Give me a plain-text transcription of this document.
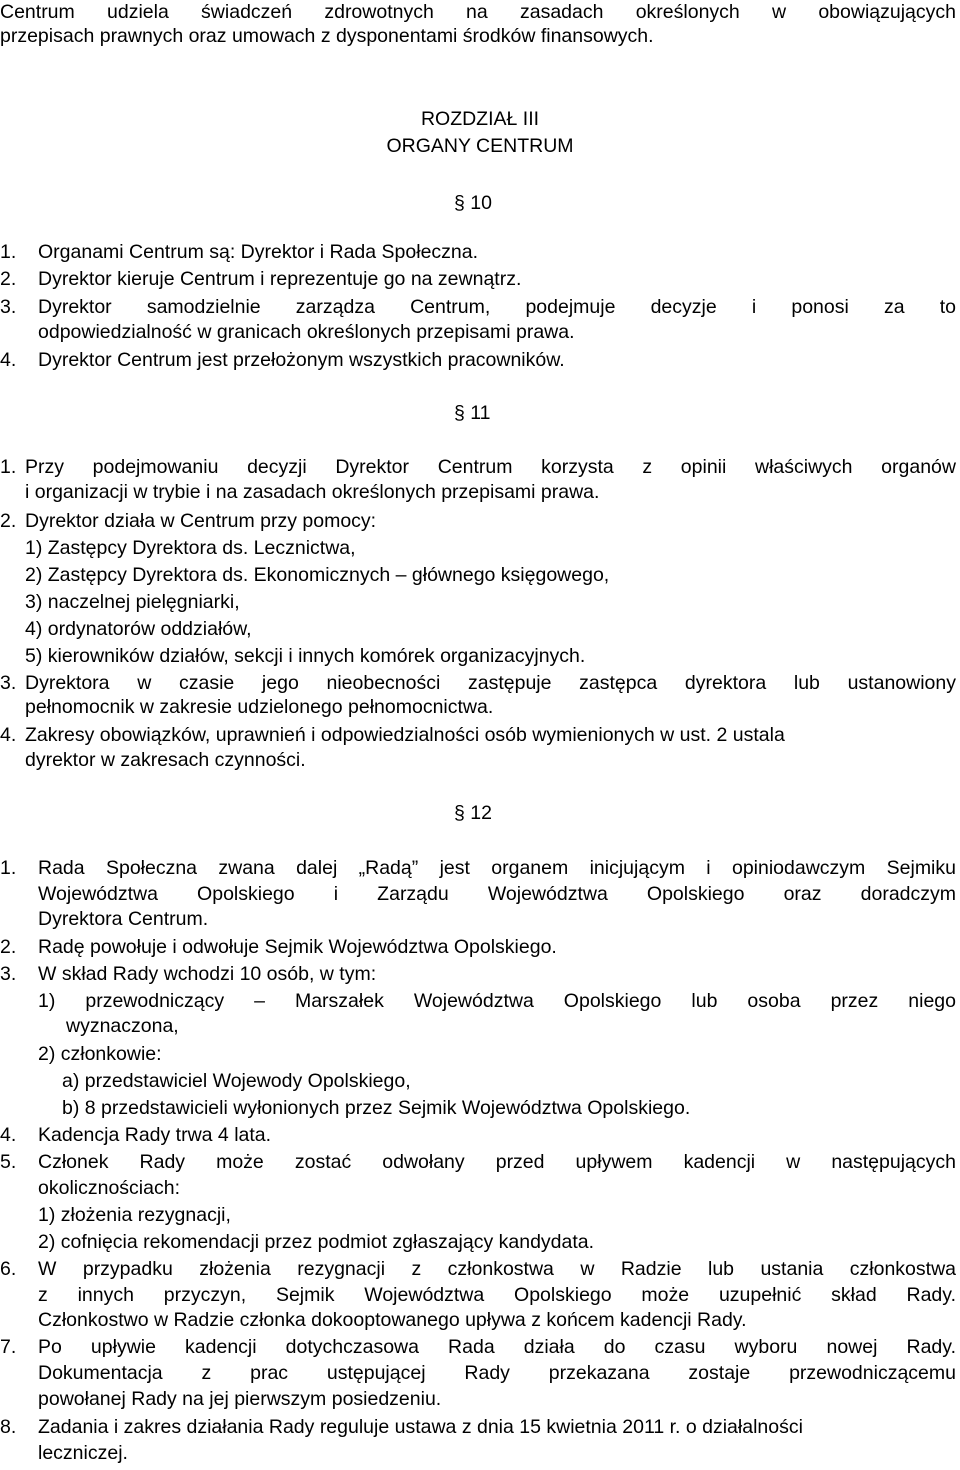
Centrum udziela świadczeń zdrowotnych na zasadach określonych w obowiązujących
przepisach prawnych oraz umowach z dysponentami środków finansowych.
ROZDZIAŁ III
ORGANY CENTRUM
§ 10
1. Organami Centrum są: Dyrektor i Rada Społeczna.
2. Dyrektor kieruje Centrum i reprezentuje go na zewnątrz.
3. Dyrektor samodzielnie zarządza Centrum, podejmuje decyzje i ponosi za to
odpowiedzialność w granicach określonych przepisami prawa.
4. Dyrektor Centrum jest przełożonym wszystkich pracowników.
§ 11
1. Przy podejmowaniu decyzji Dyrektor Centrum korzysta z opinii właściwych organów
i organizacji w trybie i na zasadach określonych przepisami prawa.
2. Dyrektor działa w Centrum przy pomocy:
1) Zastępcy Dyrektora ds. Lecznictwa,
2) Zastępcy Dyrektora ds. Ekonomicznych – głównego księgowego,
3) naczelnej pielęgniarki,
4) ordynatorów oddziałów,
5) kierowników działów, sekcji i innych komórek organizacyjnych.
3. Dyrektora w czasie jego nieobecności zastępuje zastępca dyrektora lub ustanowiony
pełnomocnik w zakresie udzielonego pełnomocnictwa.
4. Zakresy obowiązków, uprawnień i odpowiedzialności osób wymienionych w ust. 2 ustala
dyrektor w zakresach czynności.
§ 12
1. Rada Społeczna zwana dalej „Radą” jest organem inicjującym i opiniodawczym Sejmiku
Województwa Opolskiego i Zarządu Województwa Opolskiego oraz doradczym
Dyrektora Centrum.
2. Radę powołuje i odwołuje Sejmik Województwa Opolskiego.
3. W skład Rady wchodzi 10 osób, w tym:
1) przewodniczący – Marszałek Województwa Opolskiego lub osoba przez niego
wyznaczona,
2) członkowie:
a) przedstawiciel Wojewody Opolskiego,
b) 8 przedstawicieli wyłonionych przez Sejmik Województwa Opolskiego.
4. Kadencja Rady trwa 4 lata.
5. Członek Rady może zostać odwołany przed upływem kadencji w następujących
okolicznościach:
1) złożenia rezygnacji,
2) cofnięcia rekomendacji przez podmiot zgłaszający kandydata.
6. W przypadku złożenia rezygnacji z członkostwa w Radzie lub ustania członkostwa
z innych przyczyn, Sejmik Województwa Opolskiego może uzupełnić skład Rady.
Członkostwo w Radzie członka dokooptowanego upływa z końcem kadencji Rady.
7. Po upływie kadencji dotychczasowa Rada działa do czasu wyboru nowej Rady.
Dokumentacja z prac ustępującej Rady przekazana zostaje przewodniczącemu
powołanej Rady na jej pierwszym posiedzeniu.
8. Zadania i zakres działania Rady reguluje ustawa z dnia 15 kwietnia 2011 r. o działalności
leczniczej.
